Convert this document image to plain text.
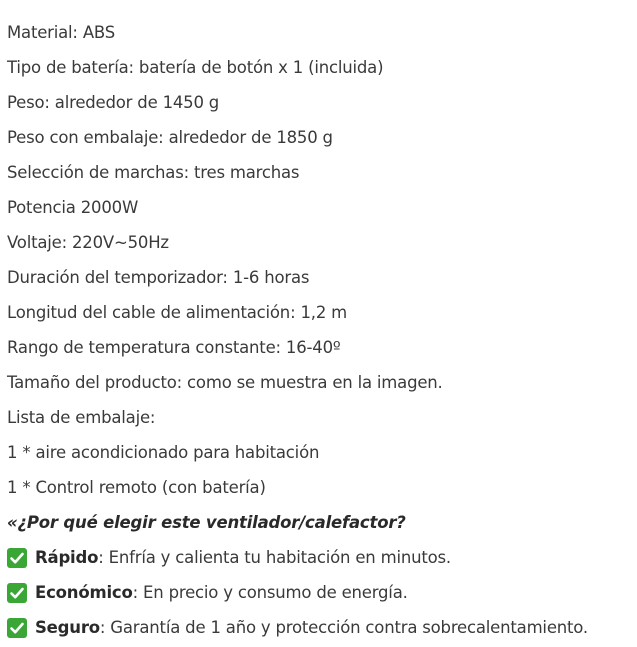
Material: ABS
Tipo de batería: batería de botón x 1 (incluida)
Peso: alrededor de 1450 g
Peso con embalaje: alrededor de 1850 g
Selección de marchas: tres marchas
Potencia 2000W
Voltaje: 220V~50Hz
Duración del temporizador: 1-6 horas
Longitud del cable de alimentación: 1,2 m
Rango de temperatura constante: 16-40º
Tamaño del producto: como se muestra en la imagen.
Lista de embalaje:
1 * aire acondicionado para habitación
1 * Control remoto (con batería)
«¿Por qué elegir este ventilador/calefactor?
Rápido : Enfría y calienta tu habitación en minutos.
Económico : En precio y consumo de energía.
Seguro : Garantía de 1 año y protección contra sobrecalentamiento.
